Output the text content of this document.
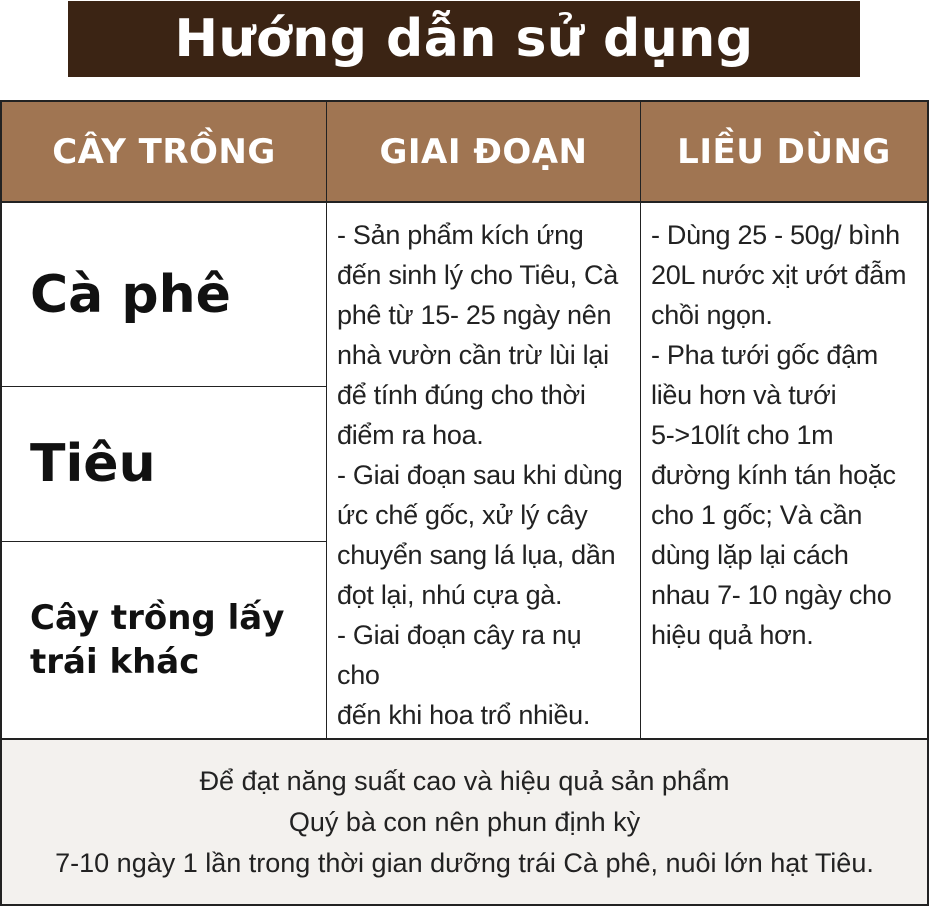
Hướng dẫn sử dụng
CÂY TRỒNG	GIAI ĐOẠN	LIỀU DÙNG
Cà phê
Tiêu
Cây trồng lấy trái khác

- Sản phẩm kích ứng

đến sinh lý cho Tiêu, Cà

phê từ 15- 25 ngày nên

nhà vườn cần trừ lùi lại

để tính đúng cho thời

điểm ra hoa.

- Giai đoạn sau khi dùng

ức chế gốc, xử lý cây

chuyển sang lá lụa, dần

đọt lại, nhú cựa gà.

- Giai đoạn cây ra nụ cho

đến khi hoa trổ nhiều.

- Dùng 25 - 50g/ bình

20L nước xịt ướt đẫm

chồi ngọn.

- Pha tưới gốc đậm

liều hơn và tưới

5->10lít cho 1m

đường kính tán hoặc

cho 1 gốc; Và cần

dùng lặp lại cách

nhau 7- 10 ngày cho

hiệu quả hơn.

Để đạt năng suất cao và hiệu quả sản phẩm

Quý bà con nên phun định kỳ

7-10 ngày 1 lần trong thời gian dưỡng trái Cà phê, nuôi lớn hạt Tiêu.
